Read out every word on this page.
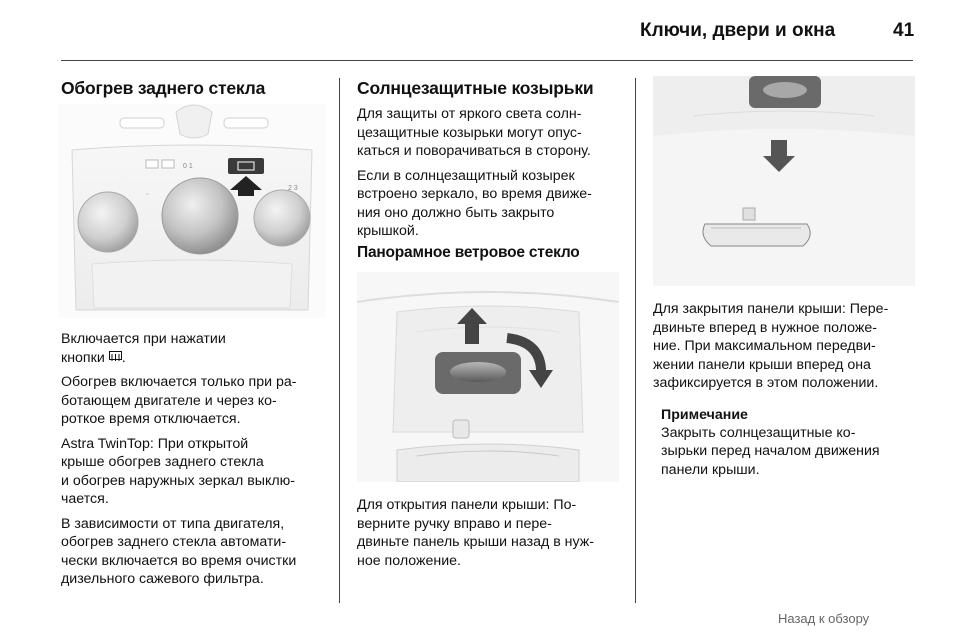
Ключи, двери и окна	41
Обогрев заднего стекла
0 1
2 3
◦

Включается при нажатии
кнопки .

Обогрев включается только при ра-
ботающем двигателе и через ко-
роткое время отключается.

Astra TwinTop: При открытой
крыше обогрев заднего стекла
и обогрев наружных зеркал выклю-
чается.

В зависимости от типа двигателя,
обогрев заднего стекла автомати-
чески включается во время очистки
дизельного сажевого фильтра.

Солнцезащитные козырьки

Для защиты от яркого света солн-
цезащитные козырьки могут опус-
каться и поворачиваться в сторону.

Если в солнцезащитный козырек
встроено зеркало, во время движе-
ния оно должно быть закрыто
крышкой.

Панорамное ветровое стекло

Для открытия панели крыши: По-
верните ручку вправо и пере-
двиньте панель крыши назад в нуж-
ное положение.

Для закрытия панели крыши: Пере-
двиньте вперед в нужное положе-
ние. При максимальном передви-
жении панели крыши вперед она
зафиксируется в этом положении.

Примечание

Закрыть солнцезащитные ко-
зырьки перед началом движения
панели крыши.

Назад к обзору
